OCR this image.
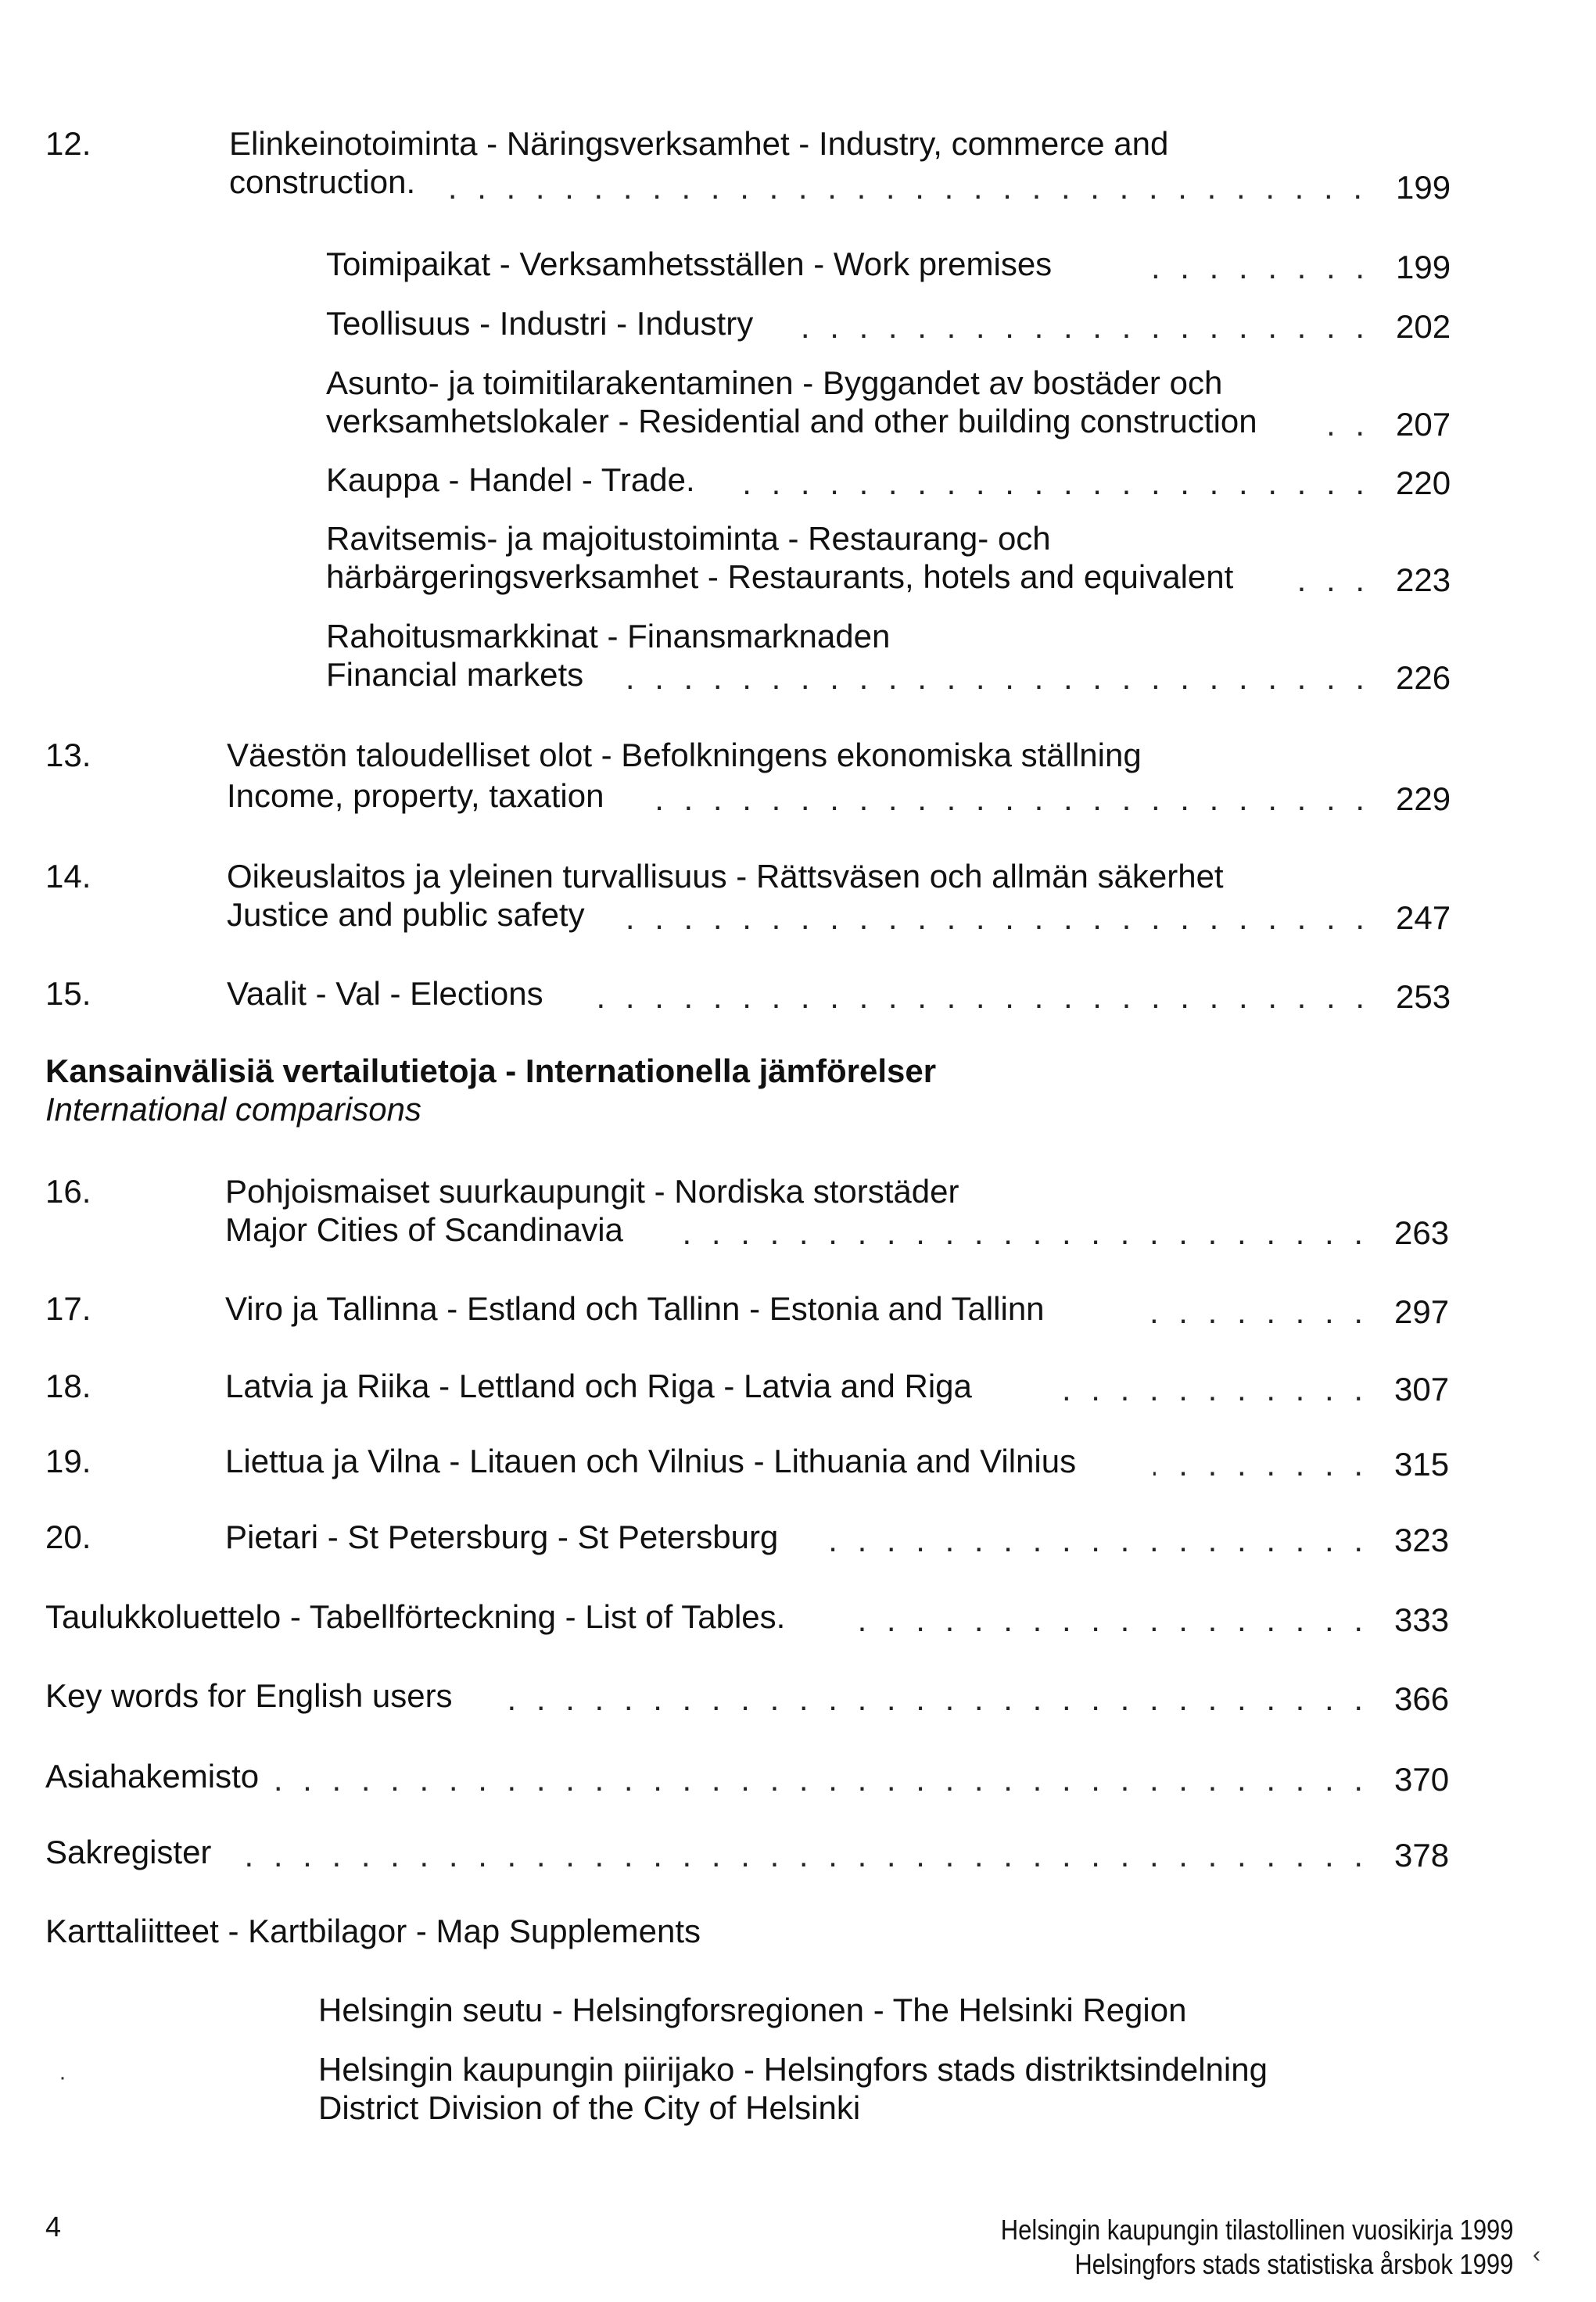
12.	Elinkeinotoiminta - Näringsverksamhet - Industry, commerce and
construction. . . .	199
Toimipaikat - Verksamhetsställen - Work premises . . .	199
Teollisuus - Industri - Industry . . .	202
Asunto- ja toimitilarakentaminen - Byggandet av bostäder och
verksamhetslokaler - Residential and other building construction . . .	207
Kauppa - Handel - Trade. . . .	220
Ravitsemis- ja majoitustoiminta - Restaurang- och
härbärgeringsverksamhet - Restaurants, hotels and equivalent . . .	223
Rahoitusmarkkinat - Finansmarknaden
Financial markets . . .	226
13.	Väestön taloudelliset olot - Befolkningens ekonomiska ställning
Income, property, taxation . . .	229
14.	Oikeuslaitos ja yleinen turvallisuus - Rättsväsen och allmän säkerhet
Justice and public safety . . .	247
15.	Vaalit - Val - Elections . . .	253
Kansainvälisiä vertailutietoja - Internationella jämförelser
International comparisons
16.	Pohjoismaiset suurkaupungit - Nordiska storstäder
Major Cities of Scandinavia . . .	263
17.	Viro ja Tallinna - Estland och Tallinn - Estonia and Tallinn . . .	297
18.	Latvia ja Riika - Lettland och Riga - Latvia and Riga . . .	307
19.	Liettua ja Vilna - Litauen och Vilnius - Lithuania and Vilnius . . .	315
20.	Pietari - St Petersburg - St Petersburg . . .	323
Taulukkoluettelo - Tabellförteckning - List of Tables. . . .	333
Key words for English users . . .	366
Asiahakemisto . . .	370
Sakregister . . .	378
Karttaliitteet - Kartbilagor - Map Supplements
Helsingin seutu - Helsingforsregionen - The Helsinki Region
Helsingin kaupungin piirijako - Helsingfors stads distriktsindelning
District Division of the City of Helsinki
4	Helsingin kaupungin tilastollinen vuosikirja 1999
Helsingfors stads statistiska årsbok 1999
·
‹
